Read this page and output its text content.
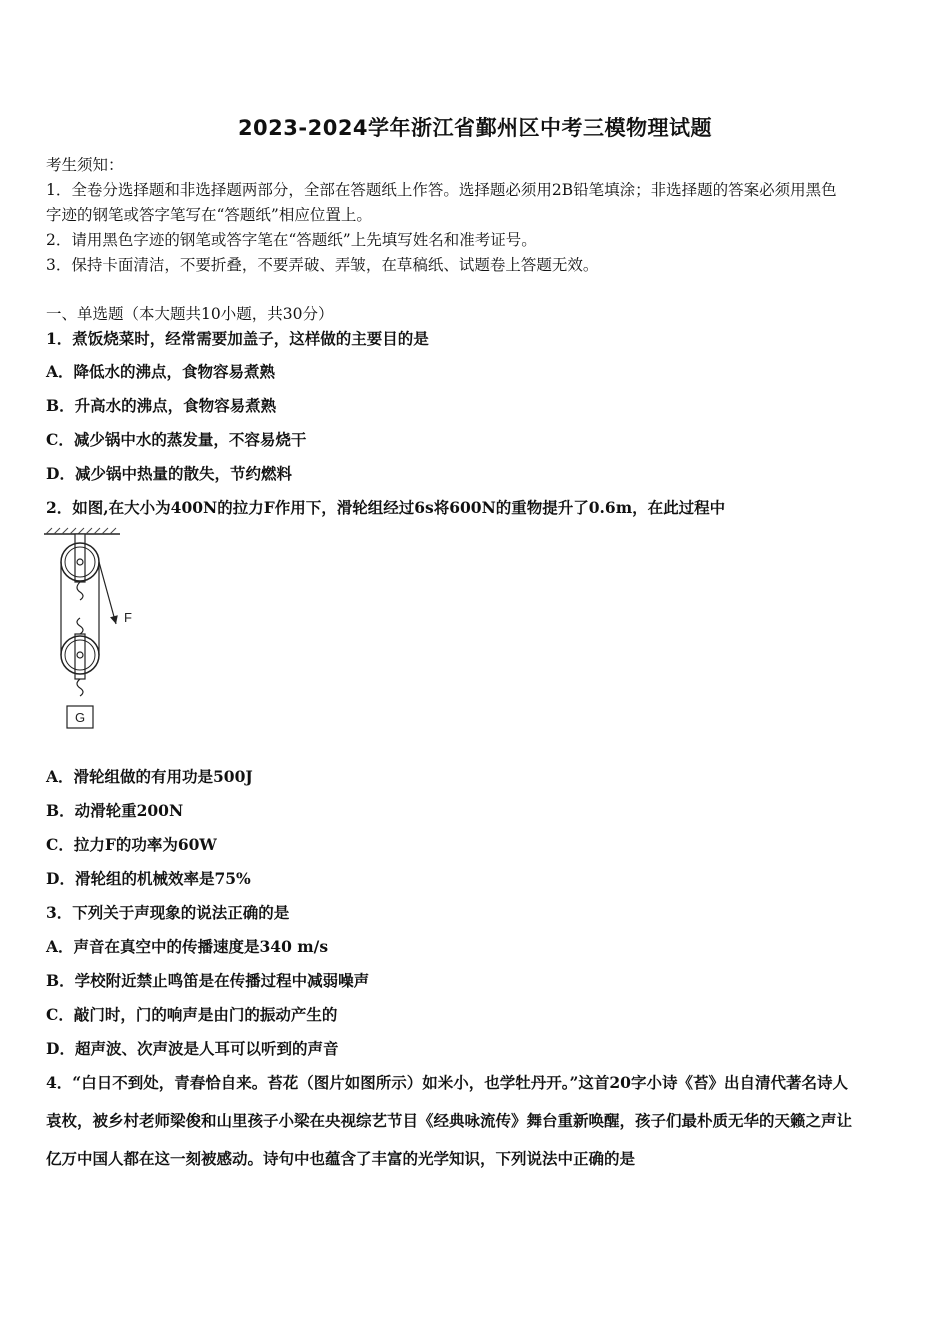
2023-2024学年浙江省鄞州区中考三模物理试题
考生须知：
1．全卷分选择题和非选择题两部分，全部在答题纸上作答。选择题必须用2B铅笔填涂；非选择题的答案必须用黑色
字迹的钢笔或答字笔写在“答题纸”相应位置上。
2．请用黑色字迹的钢笔或答字笔在“答题纸”上先填写姓名和准考证号。
3．保持卡面清洁，不要折叠，不要弄破、弄皱，在草稿纸、试题卷上答题无效。
一、单选题（本大题共10小题，共30分）
1．煮饭烧菜时，经常需要加盖子，这样做的主要目的是
A．降低水的沸点，食物容易煮熟
B．升高水的沸点，食物容易煮熟
C．减少锅中水的蒸发量，不容易烧干
D．减少锅中热量的散失，节约燃料
2．如图,在大小为400N的拉力F作用下，滑轮组经过6s将600N的重物提升了0.6m，在此过程中
F
G
A．滑轮组做的有用功是500J
B．动滑轮重200N
C．拉力F的功率为60W
D．滑轮组的机械效率是75%
3．下列关于声现象的说法正确的是
A．声音在真空中的传播速度是340 m/s
B．学校附近禁止鸣笛是在传播过程中减弱噪声
C．敲门时，门的响声是由门的振动产生的
D．超声波、次声波是人耳可以听到的声音
4．“白日不到处，青春恰自来。苔花（图片如图所示）如米小，也学牡丹开。”这首20字小诗《苔》出自清代著名诗人
袁枚，被乡村老师梁俊和山里孩子小梁在央视综艺节目《经典咏流传》舞台重新唤醒，孩子们最朴质无华的天籁之声让
亿万中国人都在这一刻被感动。诗句中也蕴含了丰富的光学知识，下列说法中正确的是
